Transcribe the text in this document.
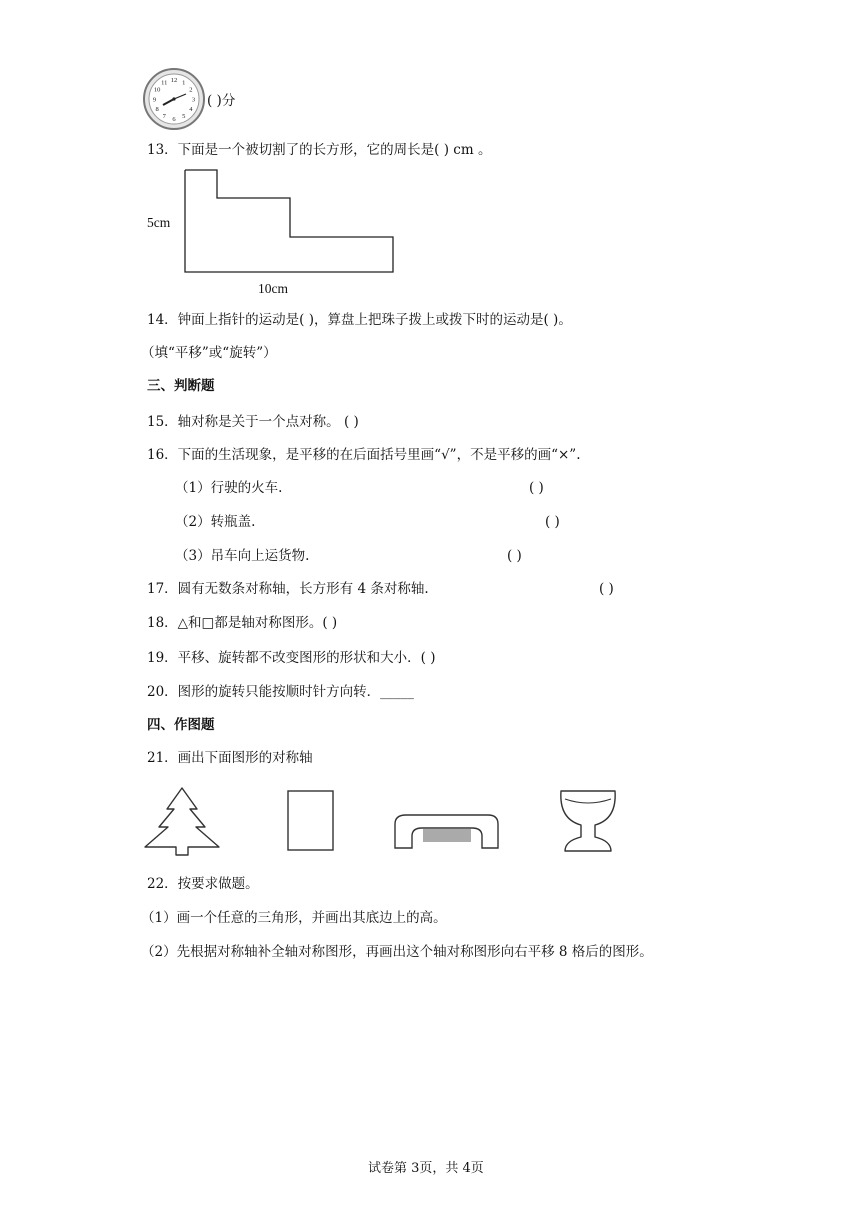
12 1
2
3
4
5
6
7
8
9
10
11
( )分
13．下面是一个被切割了的长方形，它的周长是( ) cm 。
5cm
10cm
14．钟面上指针的运动是( )，算盘上把珠子拨上或拨下时的运动是( )。
（填“平移”或“旋转”）
三、判断题
15．轴对称是关于一个点对称。 ( )
16．下面的生活现象，是平移的在后面括号里画“√”，不是平移的画“×”.
（1）行驶的火车.	( )
（2）转瓶盖.	( )
（3）吊车向上运货物.	( )
17．圆有无数条对称轴，长方形有 4 条对称轴.	( )
18．△和□都是轴对称图形。( )
19．平移、旋转都不改变图形的形状和大小．( )
20．图形的旋转只能按顺时针方向转．_____
四、作图题
21．画出下面图形的对称轴
22．按要求做题。
（1）画一个任意的三角形，并画出其底边上的高。
（2）先根据对称轴补全轴对称图形，再画出这个轴对称图形向右平移 8 格后的图形。
试卷第 3页，共 4页
